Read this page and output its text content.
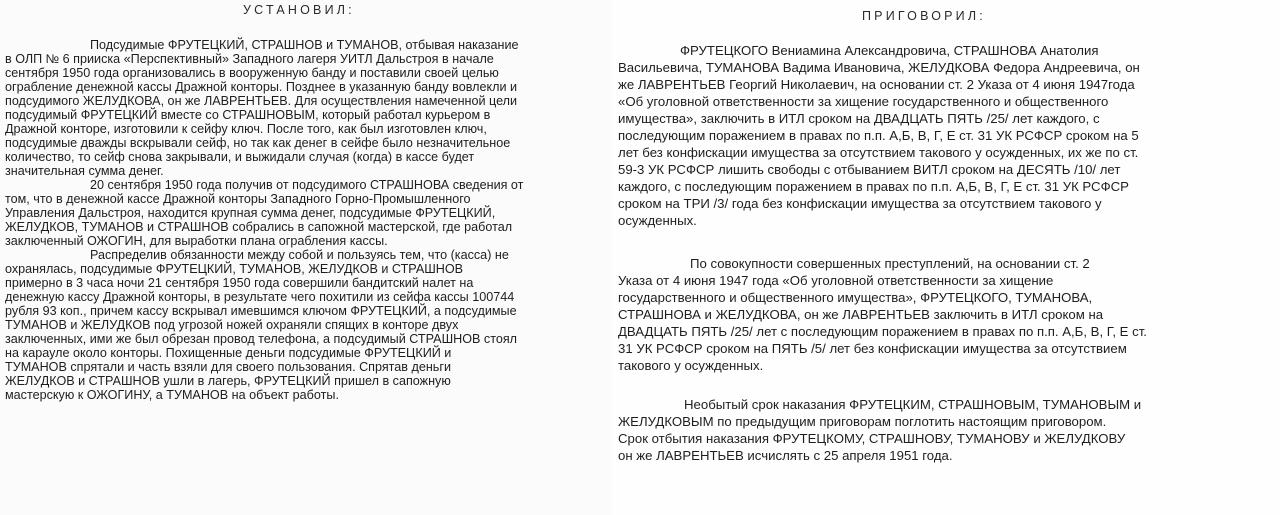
УСТАНОВИЛ:
Подсудимые ФРУТЕЦКИЙ, СТРАШНОВ и ТУМАНОВ, отбывая наказание
в ОЛП № 6 прииска «Перспективный» Западного лагеря УИТЛ Дальстроя в начале
сентября 1950 года организовались в вооруженную банду и поставили своей целью
ограбление денежной кассы Дражной конторы. Позднее в указанную банду вовлекли и
подсудимого ЖЕЛУДКОВА, он же ЛАВРЕНТЬЕВ. Для осуществления намеченной цели
подсудимый ФРУТЕЦКИЙ вместе со СТРАШНОВЫМ, который работал курьером в
Дражной конторе, изготовили к сейфу ключ. После того, как был изготовлен ключ,
подсудимые дважды вскрывали сейф, но так как денег в сейфе было незначительное
количество, то сейф снова закрывали, и выжидали случая (когда) в кассе будет
значительная сумма денег.
20 сентября 1950 года получив от подсудимого СТРАШНОВА сведения от
том, что в денежной кассе Дражной конторы Западного Горно-Промышленного
Управления Дальстроя, находится крупная сумма денег, подсудимые ФРУТЕЦКИЙ,
ЖЕЛУДКОВ, ТУМАНОВ и СТРАШНОВ собрались в сапожной мастерской, где работал
заключенный ОЖОГИН, для выработки плана ограбления кассы.
Распределив обязанности между собой и пользуясь тем, что (касса) не
охранялась, подсудимые ФРУТЕЦКИЙ, ТУМАНОВ, ЖЕЛУДКОВ и СТРАШНОВ
примерно в 3 часа ночи 21 сентября 1950 года совершили бандитский налет на
денежную кассу Дражной конторы, в результате чего похитили из сейфа кассы 100744
рубля 93 коп., причем кассу вскрывал имевшимся ключом ФРУТЕЦКИЙ, а подсудимые
ТУМАНОВ и ЖЕЛУДКОВ под угрозой ножей охраняли спящих в конторе двух
заключенных, ими же был обрезан провод телефона, а подсудимый СТРАШНОВ стоял
на карауле около конторы. Похищенные деньги подсудимые ФРУТЕЦКИЙ и
ТУМАНОВ спрятали и часть взяли для своего пользования. Спрятав деньги
ЖЕЛУДКОВ и СТРАШНОВ ушли в лагерь, ФРУТЕЦКИЙ пришел в сапожную
мастерскую к ОЖОГИНУ, а ТУМАНОВ на объект работы.
ПРИГОВОРИЛ:
ФРУТЕЦКОГО Вениамина Александровича, СТРАШНОВА Анатолия
Васильевича, ТУМАНОВА Вадима Ивановича, ЖЕЛУДКОВА Федора Андреевича, он
же ЛАВРЕНТЬЕВ Георгий Николаевич, на основании ст. 2 Указа от 4 июня 1947года
«Об уголовной ответственности за хищение государственного и общественного
имущества», заключить в ИТЛ сроком на ДВАДЦАТЬ ПЯТЬ /25/ лет каждого, с
последующим поражением в правах по п.п. А,Б, В, Г, Е ст. 31 УК РСФСР сроком на 5
лет без конфискации имущества за отсутствием такового у осужденных, их же по ст.
59-3 УК РСФСР лишить свободы с отбыванием ВИТЛ сроком на ДЕСЯТЬ /10/ лет
каждого, с последующим поражением в правах по п.п. А,Б, В, Г, Е ст. 31 УК РСФСР
сроком на ТРИ /3/ года без конфискации имущества за отсутствием такового у
осужденных.
По совокупности совершенных преступлений, на основании ст. 2
Указа от 4 июня 1947 года «Об уголовной ответственности за хищение
государственного и общественного имущества», ФРУТЕЦКОГО, ТУМАНОВА,
СТРАШНОВА и ЖЕЛУДКОВА, он же ЛАВРЕНТЬЕВ заключить в ИТЛ сроком на
ДВАДЦАТЬ ПЯТЬ /25/ лет с последующим поражением в правах по п.п. А,Б, В, Г, Е ст.
31 УК РСФСР сроком на ПЯТЬ /5/ лет без конфискации имущества за отсутствием
такового у осужденных.
Необытый срок наказания ФРУТЕЦКИМ, СТРАШНОВЫМ, ТУМАНОВЫМ и
ЖЕЛУДКОВЫМ по предыдущим приговорам поглотить настоящим приговором.
Срок отбытия наказания ФРУТЕЦКОМУ, СТРАШНОВУ, ТУМАНОВУ и ЖЕЛУДКОВУ
он же ЛАВРЕНТЬЕВ исчислять с 25 апреля 1951 года.
